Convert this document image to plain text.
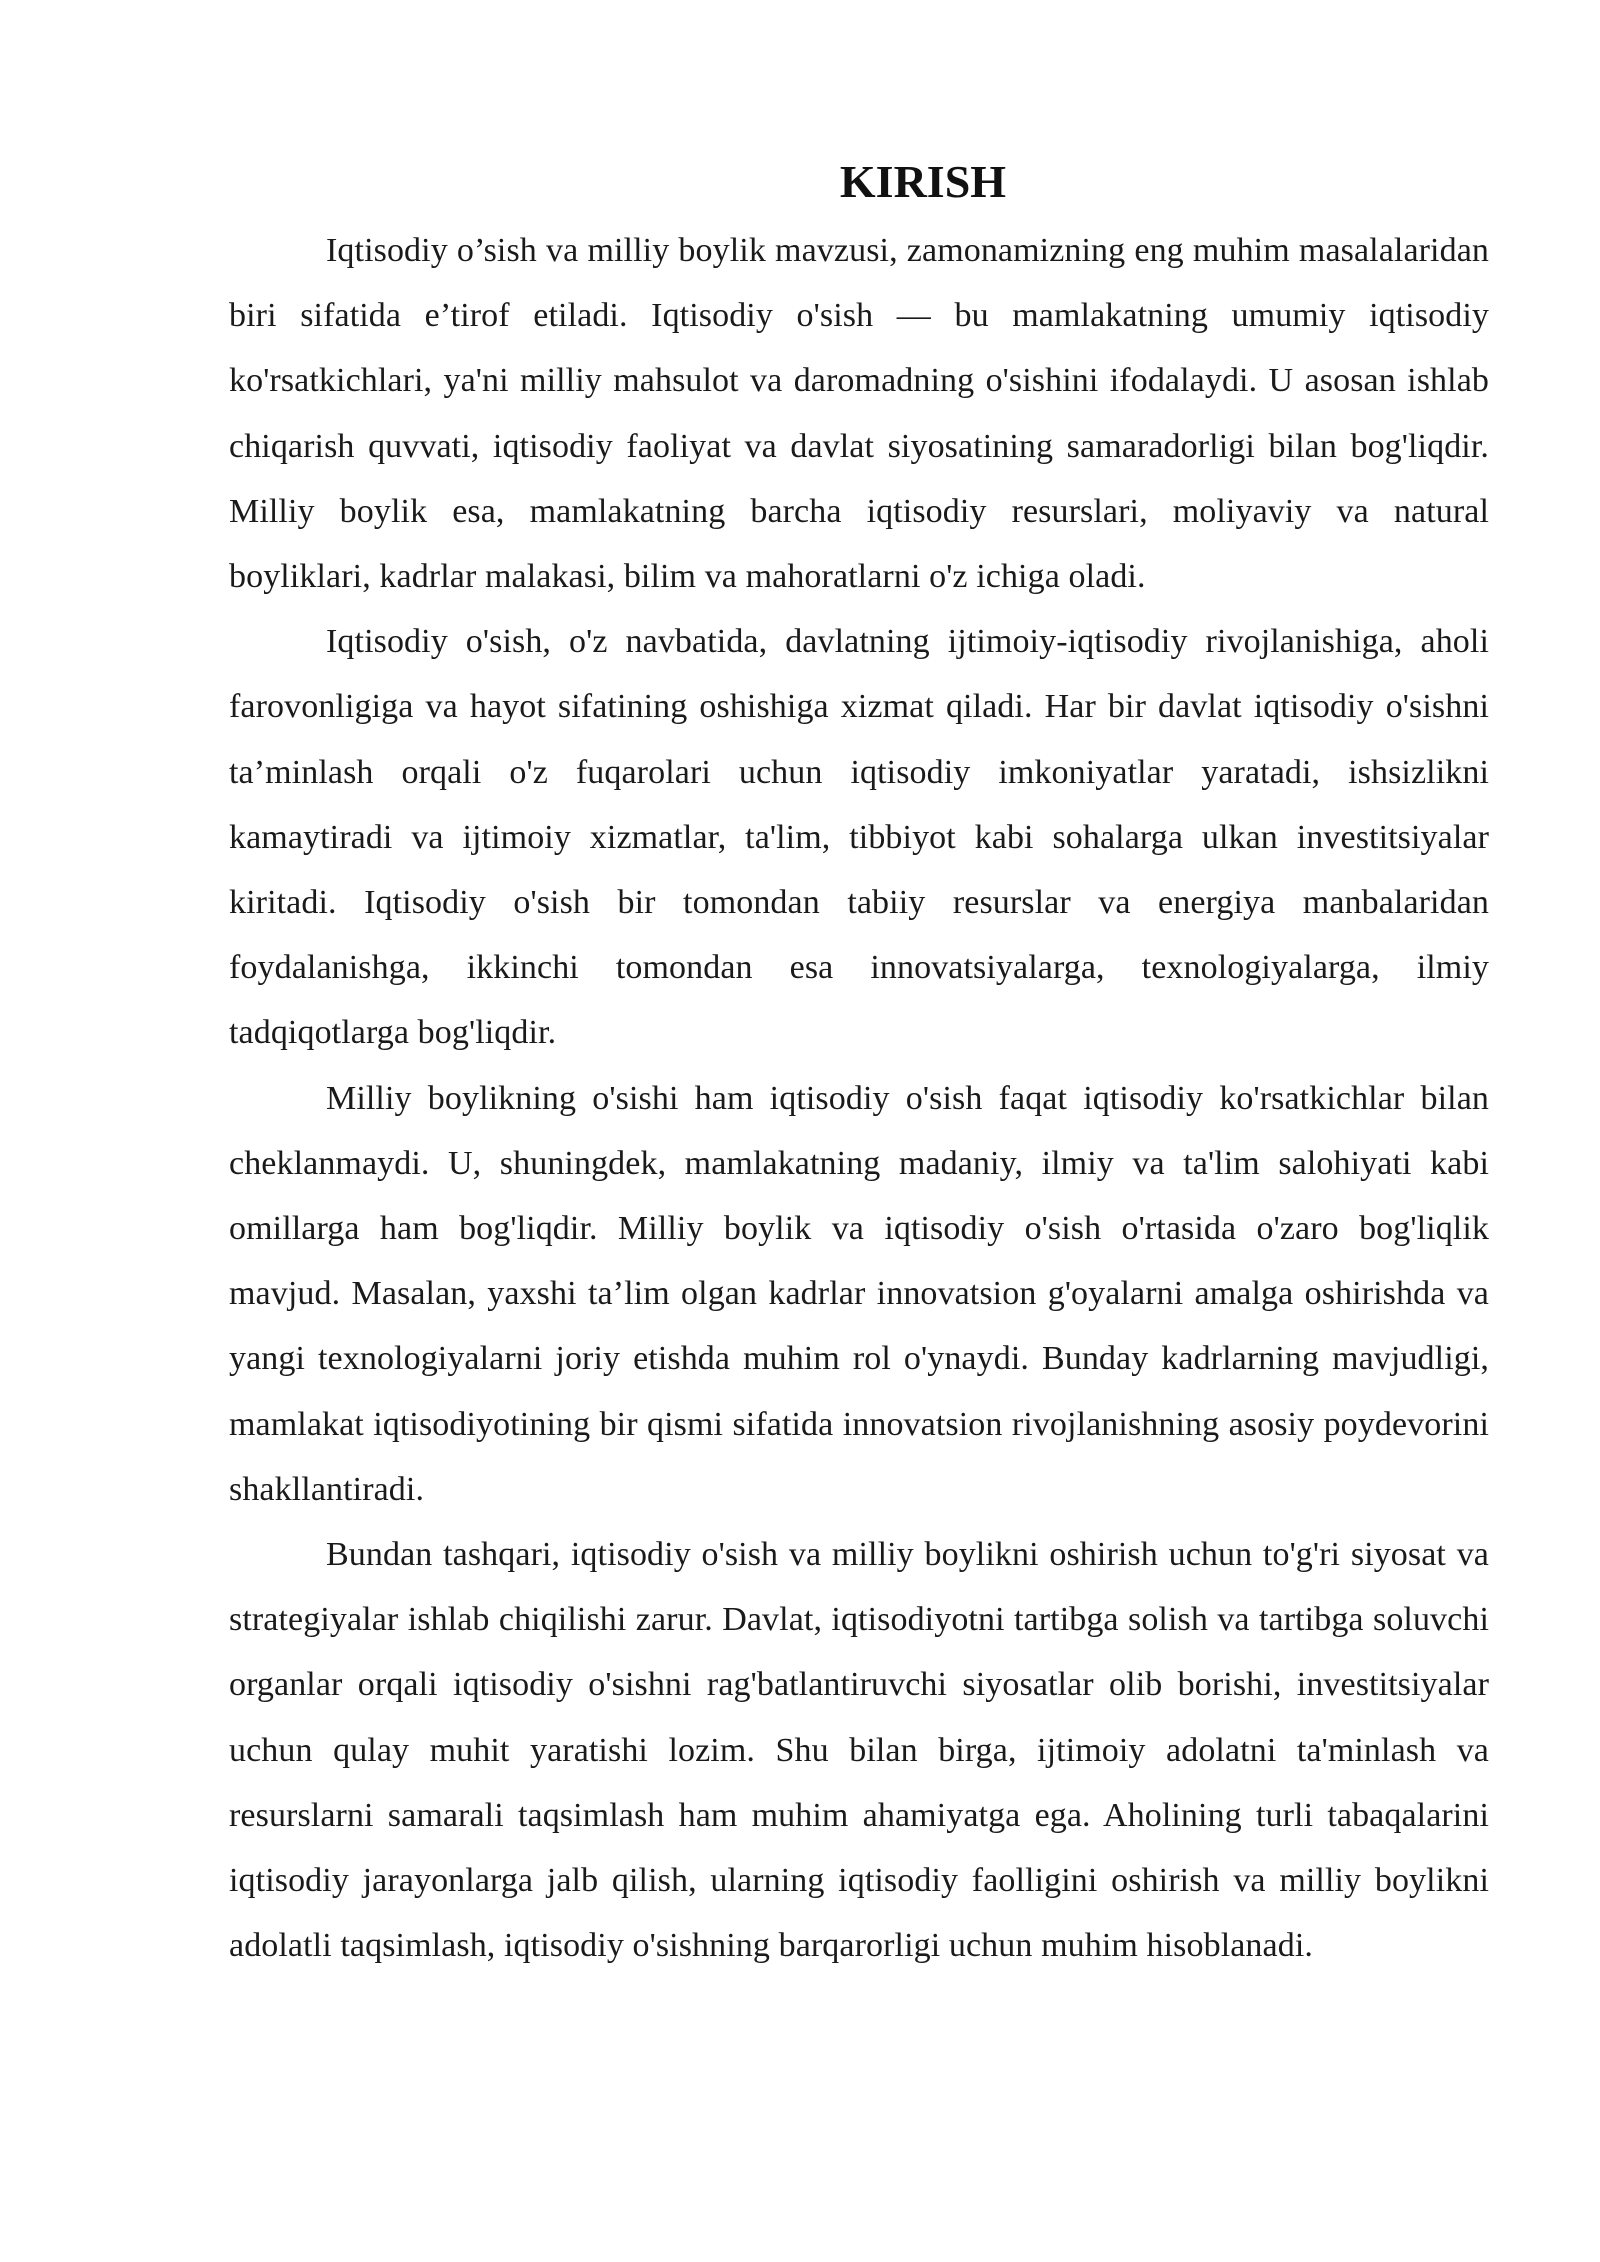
KIRISH

Iqtisodiy o’sish va milliy boylik mavzusi, zamonamizning eng muhim masalalaridan biri sifatida e’tirof etiladi. Iqtisodiy o'sish — bu mamlakatning umumiy iqtisodiy ko'rsatkichlari, ya'ni milliy mahsulot va daromadning o'sishini ifodalaydi. U asosan ishlab chiqarish quvvati, iqtisodiy faoliyat va davlat siyosatining samaradorligi bilan bog'liqdir. Milliy boylik esa, mamlakatning barcha iqtisodiy resurslari, moliyaviy va natural boyliklari, kadrlar malakasi, bilim va mahoratlarni o'z ichiga oladi.

Iqtisodiy o'sish, o'z navbatida, davlatning ijtimoiy-iqtisodiy rivojlanishiga, aholi farovonligiga va hayot sifatining oshishiga xizmat qiladi. Har bir davlat iqtisodiy o'sishni ta’minlash orqali o'z fuqarolari uchun iqtisodiy imkoniyatlar yaratadi, ishsizlikni kamaytiradi va ijtimoiy xizmatlar, ta'lim, tibbiyot kabi sohalarga ulkan investitsiyalar kiritadi. Iqtisodiy o'sish bir tomondan tabiiy resurslar va energiya manbalaridan foydalanishga, ikkinchi tomondan esa innovatsiyalarga, texnologiyalarga, ilmiy tadqiqotlarga bog'liqdir.

Milliy boylikning o'sishi ham iqtisodiy o'sish faqat iqtisodiy ko'rsatkichlar bilan cheklanmaydi. U, shuningdek, mamlakatning madaniy, ilmiy va ta'lim salohiyati kabi omillarga ham bog'liqdir. Milliy boylik va iqtisodiy o'sish o'rtasida o'zaro bog'liqlik mavjud. Masalan, yaxshi ta’lim olgan kadrlar innovatsion g'oyalarni amalga oshirishda va yangi texnologiyalarni joriy etishda muhim rol o'ynaydi. Bunday kadrlarning mavjudligi, mamlakat iqtisodiyotining bir qismi sifatida innovatsion rivojlanishning asosiy poydevorini shakllantiradi.

Bundan tashqari, iqtisodiy o'sish va milliy boylikni oshirish uchun to'g'ri siyosat va strategiyalar ishlab chiqilishi zarur. Davlat, iqtisodiyotni tartibga solish va tartibga soluvchi organlar orqali iqtisodiy o'sishni rag'batlantiruvchi siyosatlar olib borishi, investitsiyalar uchun qulay muhit yaratishi lozim. Shu bilan birga, ijtimoiy adolatni ta'minlash va resurslarni samarali taqsimlash ham muhim ahamiyatga ega. Aholining turli tabaqalarini iqtisodiy jarayonlarga jalb qilish, ularning iqtisodiy faolligini oshirish va milliy boylikni adolatli taqsimlash, iqtisodiy o'sishning barqarorligi uchun muhim hisoblanadi.
